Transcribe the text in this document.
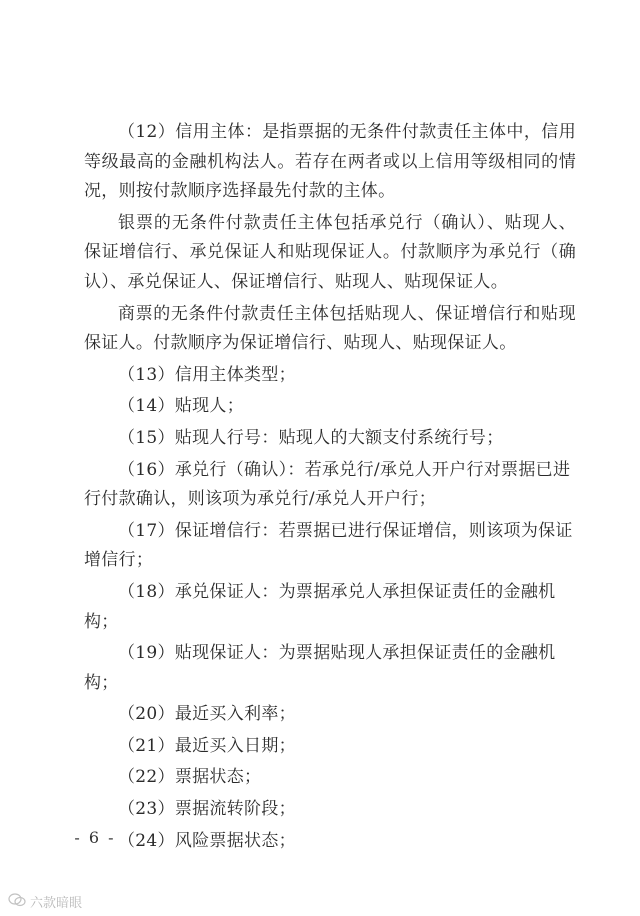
（12）信用主体：是指票据的无条件付款责任主体中，信用等级最高的金融机构法人。若存在两者或以上信用等级相同的情况，则按付款顺序选择最先付款的主体。

银票的无条件付款责任主体包括承兑行（确认）、贴现人、保证增信行、承兑保证人和贴现保证人。付款顺序为承兑行（确认）、承兑保证人、保证增信行、贴现人、贴现保证人。

商票的无条件付款责任主体包括贴现人、保证增信行和贴现保证人。付款顺序为保证增信行、贴现人、贴现保证人。

（13）信用主体类型；

（14）贴现人；

（15）贴现人行号：贴现人的大额支付系统行号；

（16）承兑行（确认）：若承兑行/承兑人开户行对票据已进行付款确认，则该项为承兑行/承兑人开户行；

（17）保证增信行：若票据已进行保证增信，则该项为保证增信行；

（18）承兑保证人：为票据承兑人承担保证责任的金融机构；

（19）贴现保证人：为票据贴现人承担保证责任的金融机构；

（20）最近买入利率；

（21）最近买入日期；

（22）票据状态；

（23）票据流转阶段；

（24）风险票据状态；

- 6 -
六款暗眼
